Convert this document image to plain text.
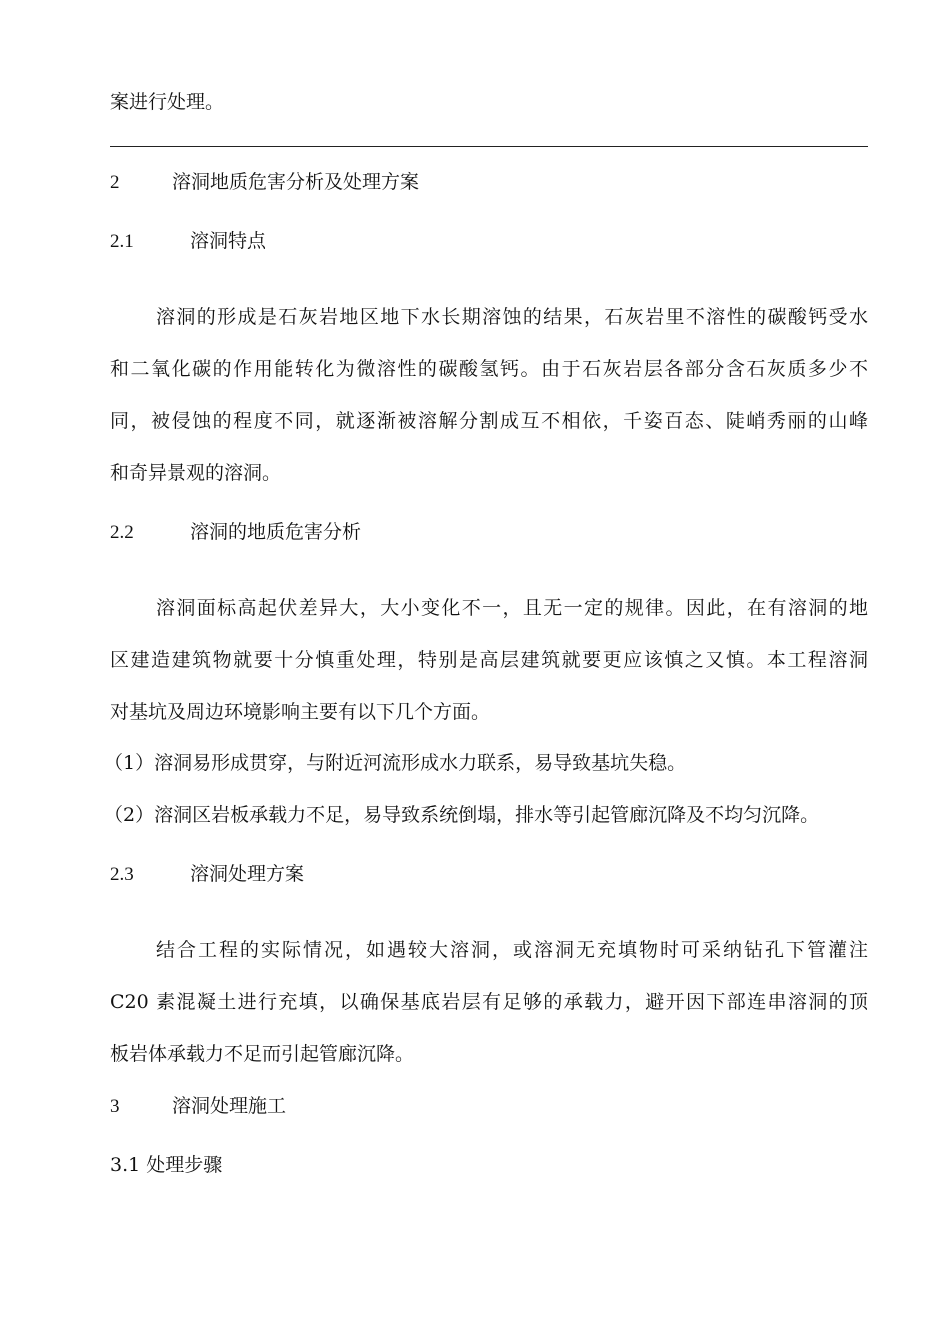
案进行处理。
2	溶洞地质危害分析及处理方案
2.1	溶洞特点
溶洞的形成是石灰岩地区地下水长期溶蚀的结果，石灰岩里不溶性的碳酸钙受水
和二氧化碳的作用能转化为微溶性的碳酸氢钙。由于石灰岩层各部分含石灰质多少不
同，被侵蚀的程度不同，就逐渐被溶解分割成互不相依，千姿百态、陡峭秀丽的山峰
和奇异景观的溶洞。
2.2	溶洞的地质危害分析
溶洞面标高起伏差异大，大小变化不一，且无一定的规律。因此，在有溶洞的地
区建造建筑物就要十分慎重处理，特别是高层建筑就要更应该慎之又慎。本工程溶洞
对基坑及周边环境影响主要有以下几个方面。
（1）溶洞易形成贯穿，与附近河流形成水力联系，易导致基坑失稳。
（2）溶洞区岩板承载力不足，易导致系统倒塌，排水等引起管廊沉降及不均匀沉降。
2.3	溶洞处理方案
结合工程的实际情况，如遇较大溶洞，或溶洞无充填物时可采纳钻孔下管灌注
C20 素混凝土进行充填，以确保基底岩层有足够的承载力，避开因下部连串溶洞的顶
板岩体承载力不足而引起管廊沉降。
3	溶洞处理施工
3.1 处理步骤
